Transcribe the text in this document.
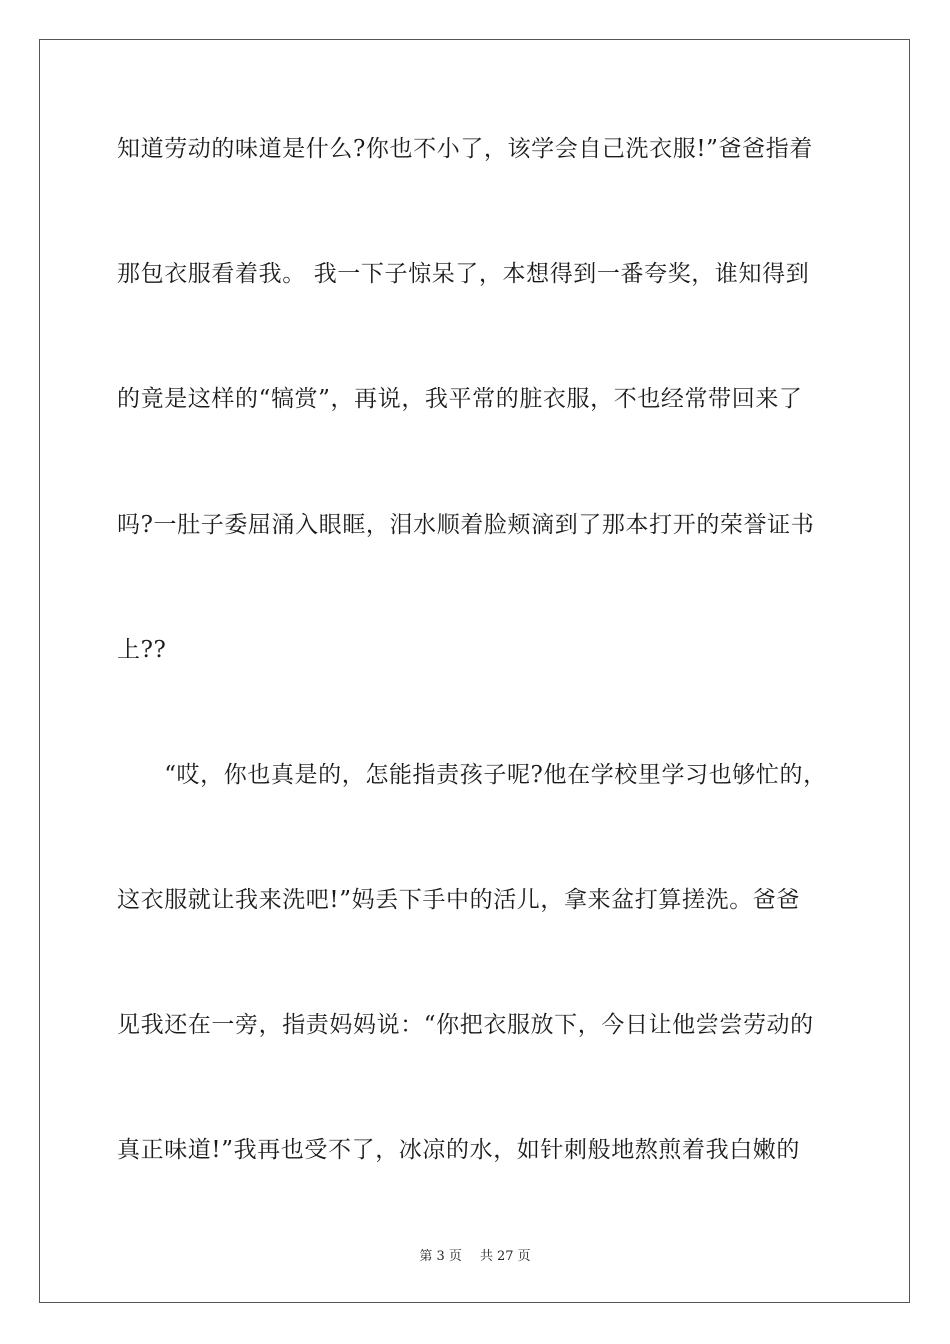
知道劳动的味道是什么?你也不小了，该学会自己洗衣服!”爸爸指着
那包衣服看着我。 我一下子惊呆了，本想得到一番夸奖，谁知得到
的竟是这样的“犒赏”，再说，我平常的脏衣服，不也经常带回来了
吗?一肚子委屈涌入眼眶，泪水顺着脸颊滴到了那本打开的荣誉证书
上??
　　“哎，你也真是的，怎能指责孩子呢?他在学校里学习也够忙的，
这衣服就让我来洗吧!”妈丢下手中的活儿，拿来盆打算搓洗。爸爸
见我还在一旁，指责妈妈说：“你把衣服放下，今日让他尝尝劳动的
真正味道!”我再也受不了，冰凉的水，如针刺般地熬煎着我白嫩的
第 3 页 共 27 页
